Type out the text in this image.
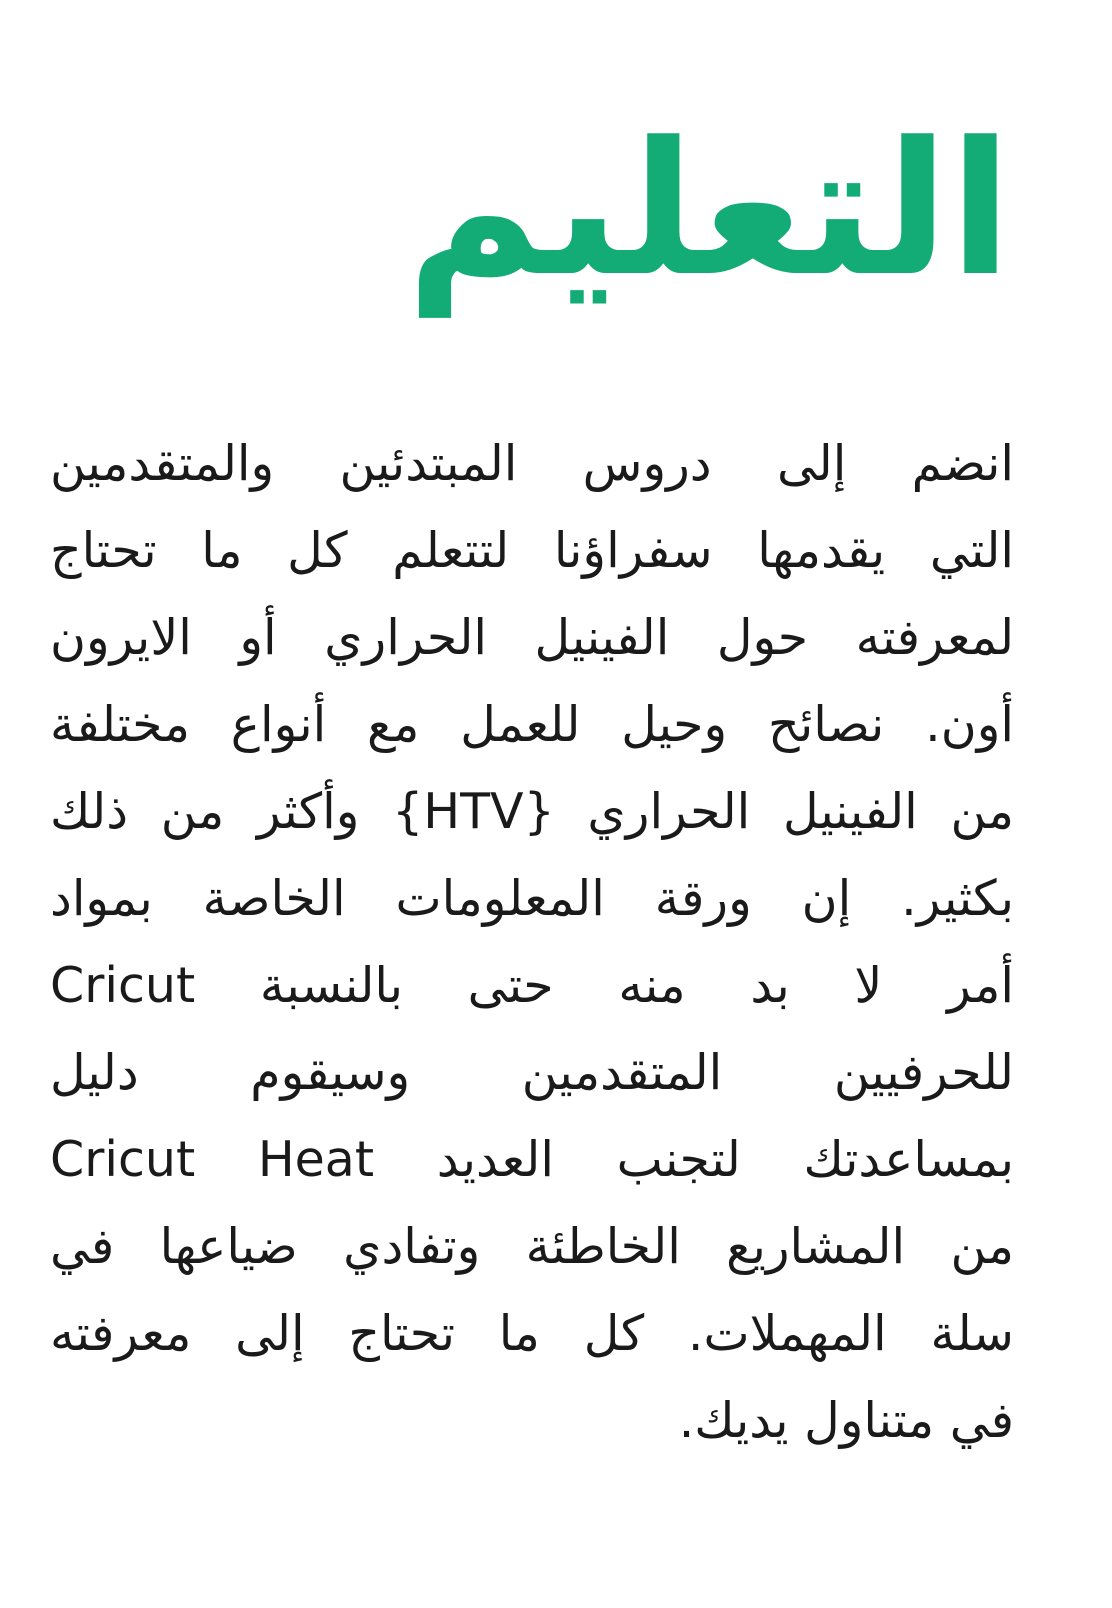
التعليم
انضم إلى دروس المبتدئين والمتقدمين
التي يقدمها سفراؤنا لتتعلم كل ما تحتاج
لمعرفته حول الفينيل الحراري أو الايرون
أون. نصائح وحيل للعمل مع أنواع مختلفة
من الفينيل الحراري {HTV} وأكثر من ذلك
بكثير. إن ورقة المعلومات الخاصة بمواد
Cricut أمر لا بد منه حتى بالنسبة
للحرفيين المتقدمين وسيقوم دليل
Cricut Heat بمساعدتك لتجنب العديد
من المشاريع الخاطئة وتفادي ضياعها في
سلة المهملات. كل ما تحتاج إلى معرفته
في متناول يديك.
